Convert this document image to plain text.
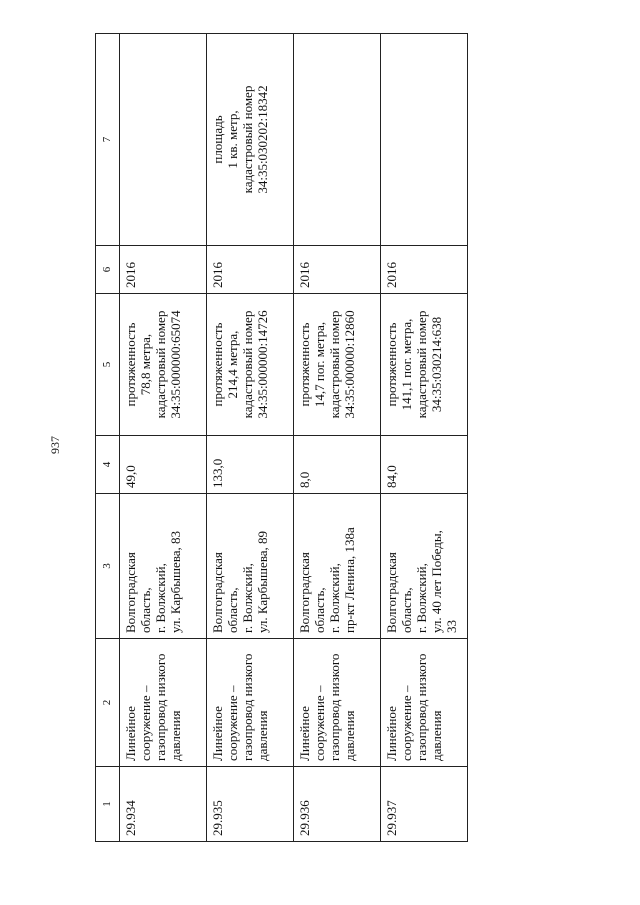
937
1	2	3	4	5	6	7
29.934	Линейное
сооружение –
газопровод низкого
давления	Волгоградская
область,
г. Волжский,
ул. Карбышева, 83	49,0	протяженность
78,8 метра,
кадастровый номер
34:35:000000:65074	2016	
29.935	Линейное
сооружение –
газопровод низкого
давления	Волгоградская
область,
г. Волжский,
ул. Карбышева, 89	133,0	протяженность
214,4 метра,
кадастровый номер
34:35:000000:14726	2016	площадь
1 кв. метр,
кадастровый номер
34:35:030202:18342
29.936	Линейное
сооружение –
газопровод низкого
давления	Волгоградская
область,
г. Волжский,
пр-кт Ленина, 138а	8,0	протяженность
14,7 пог. метра,
кадастровый номер
34:35:000000:12860	2016	
29.937	Линейное
сооружение –
газопровод низкого
давления	Волгоградская
область,
г. Волжский,
ул. 40 лет Победы,
33	84,0	протяженность
141,1 пог. метра,
кадастровый номер
34:35:030214:638	2016	
